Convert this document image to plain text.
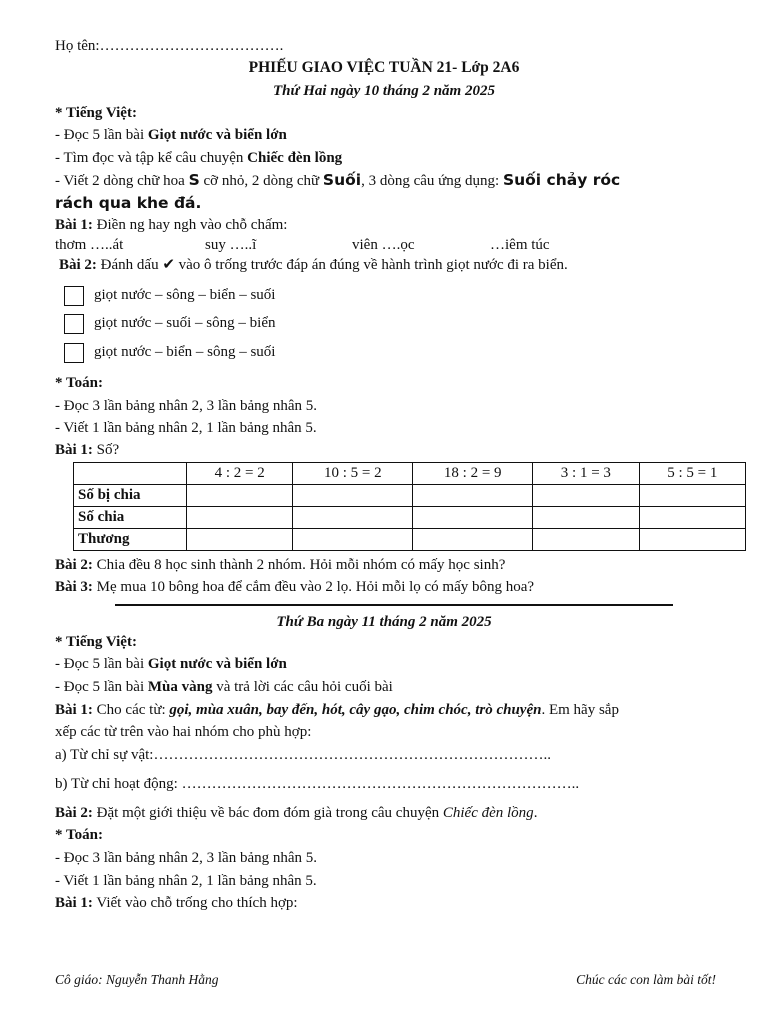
Họ tên:……………………………….
PHIẾU GIAO VIỆC TUẦN 21- Lớp 2A6
Thứ Hai ngày 10 tháng 2 năm 2025
* Tiếng Việt:
- Đọc 5 lần bài Giọt nước và biển lớn
- Tìm đọc và tập kể câu chuyện Chiếc đèn lồng
- Viết 2 dòng chữ hoa S cỡ nhỏ, 2 dòng chữ Suối, 3 dòng câu ứng dụng: Suối chảy róc
rách qua khe đá.
Bài 1: Điền ng hay ngh vào chỗ chấm:
thơm …..át	suy …..ĩ	viên ….ọc	…iêm túc
Bài 2: Đánh dấu ✔ vào ô trống trước đáp án đúng về hành trình giọt nước đi ra biển.
giọt nước – sông – biển – suối
giọt nước – suối – sông – biển
giọt nước – biển – sông – suối
* Toán:
- Đọc 3 lần bảng nhân 2, 3 lần bảng nhân 5.
- Viết 1 lần bảng nhân 2, 1 lần bảng nhân 5.
Bài 1: Số?
	4 : 2 = 2	10 : 5 = 2	18 : 2 = 9	3 : 1 = 3	5 : 5 = 1
Số bị chia					
Số chia					
Thương					
Bài 2: Chia đều 8 học sinh thành 2 nhóm. Hỏi mỗi nhóm có mấy học sinh?
Bài 3: Mẹ mua 10 bông hoa để cắm đều vào 2 lọ. Hỏi mỗi lọ có mấy bông hoa?
Thứ Ba ngày 11 tháng 2 năm 2025
* Tiếng Việt:
- Đọc 5 lần bài Giọt nước và biển lớn
- Đọc 5 lần bài Mùa vàng và trả lời các câu hỏi cuối bài
Bài 1: Cho các từ: gọi, mùa xuân, bay đến, hót, cây gạo, chim chóc, trò chuyện. Em hãy sắp
xếp các từ trên vào hai nhóm cho phù hợp:
a) Từ chỉ sự vật:……………………………………………………………………..
b) Từ chỉ hoạt động: ……………………………………………………………………..
Bài 2: Đặt một giới thiệu về bác đom đóm già trong câu chuyện Chiếc đèn lồng.
* Toán:
- Đọc 3 lần bảng nhân 2, 3 lần bảng nhân 5.
- Viết 1 lần bảng nhân 2, 1 lần bảng nhân 5.
Bài 1: Viết vào chỗ trống cho thích hợp:
Cô giáo: Nguyễn Thanh Hằng	Chúc các con làm bài tốt!
